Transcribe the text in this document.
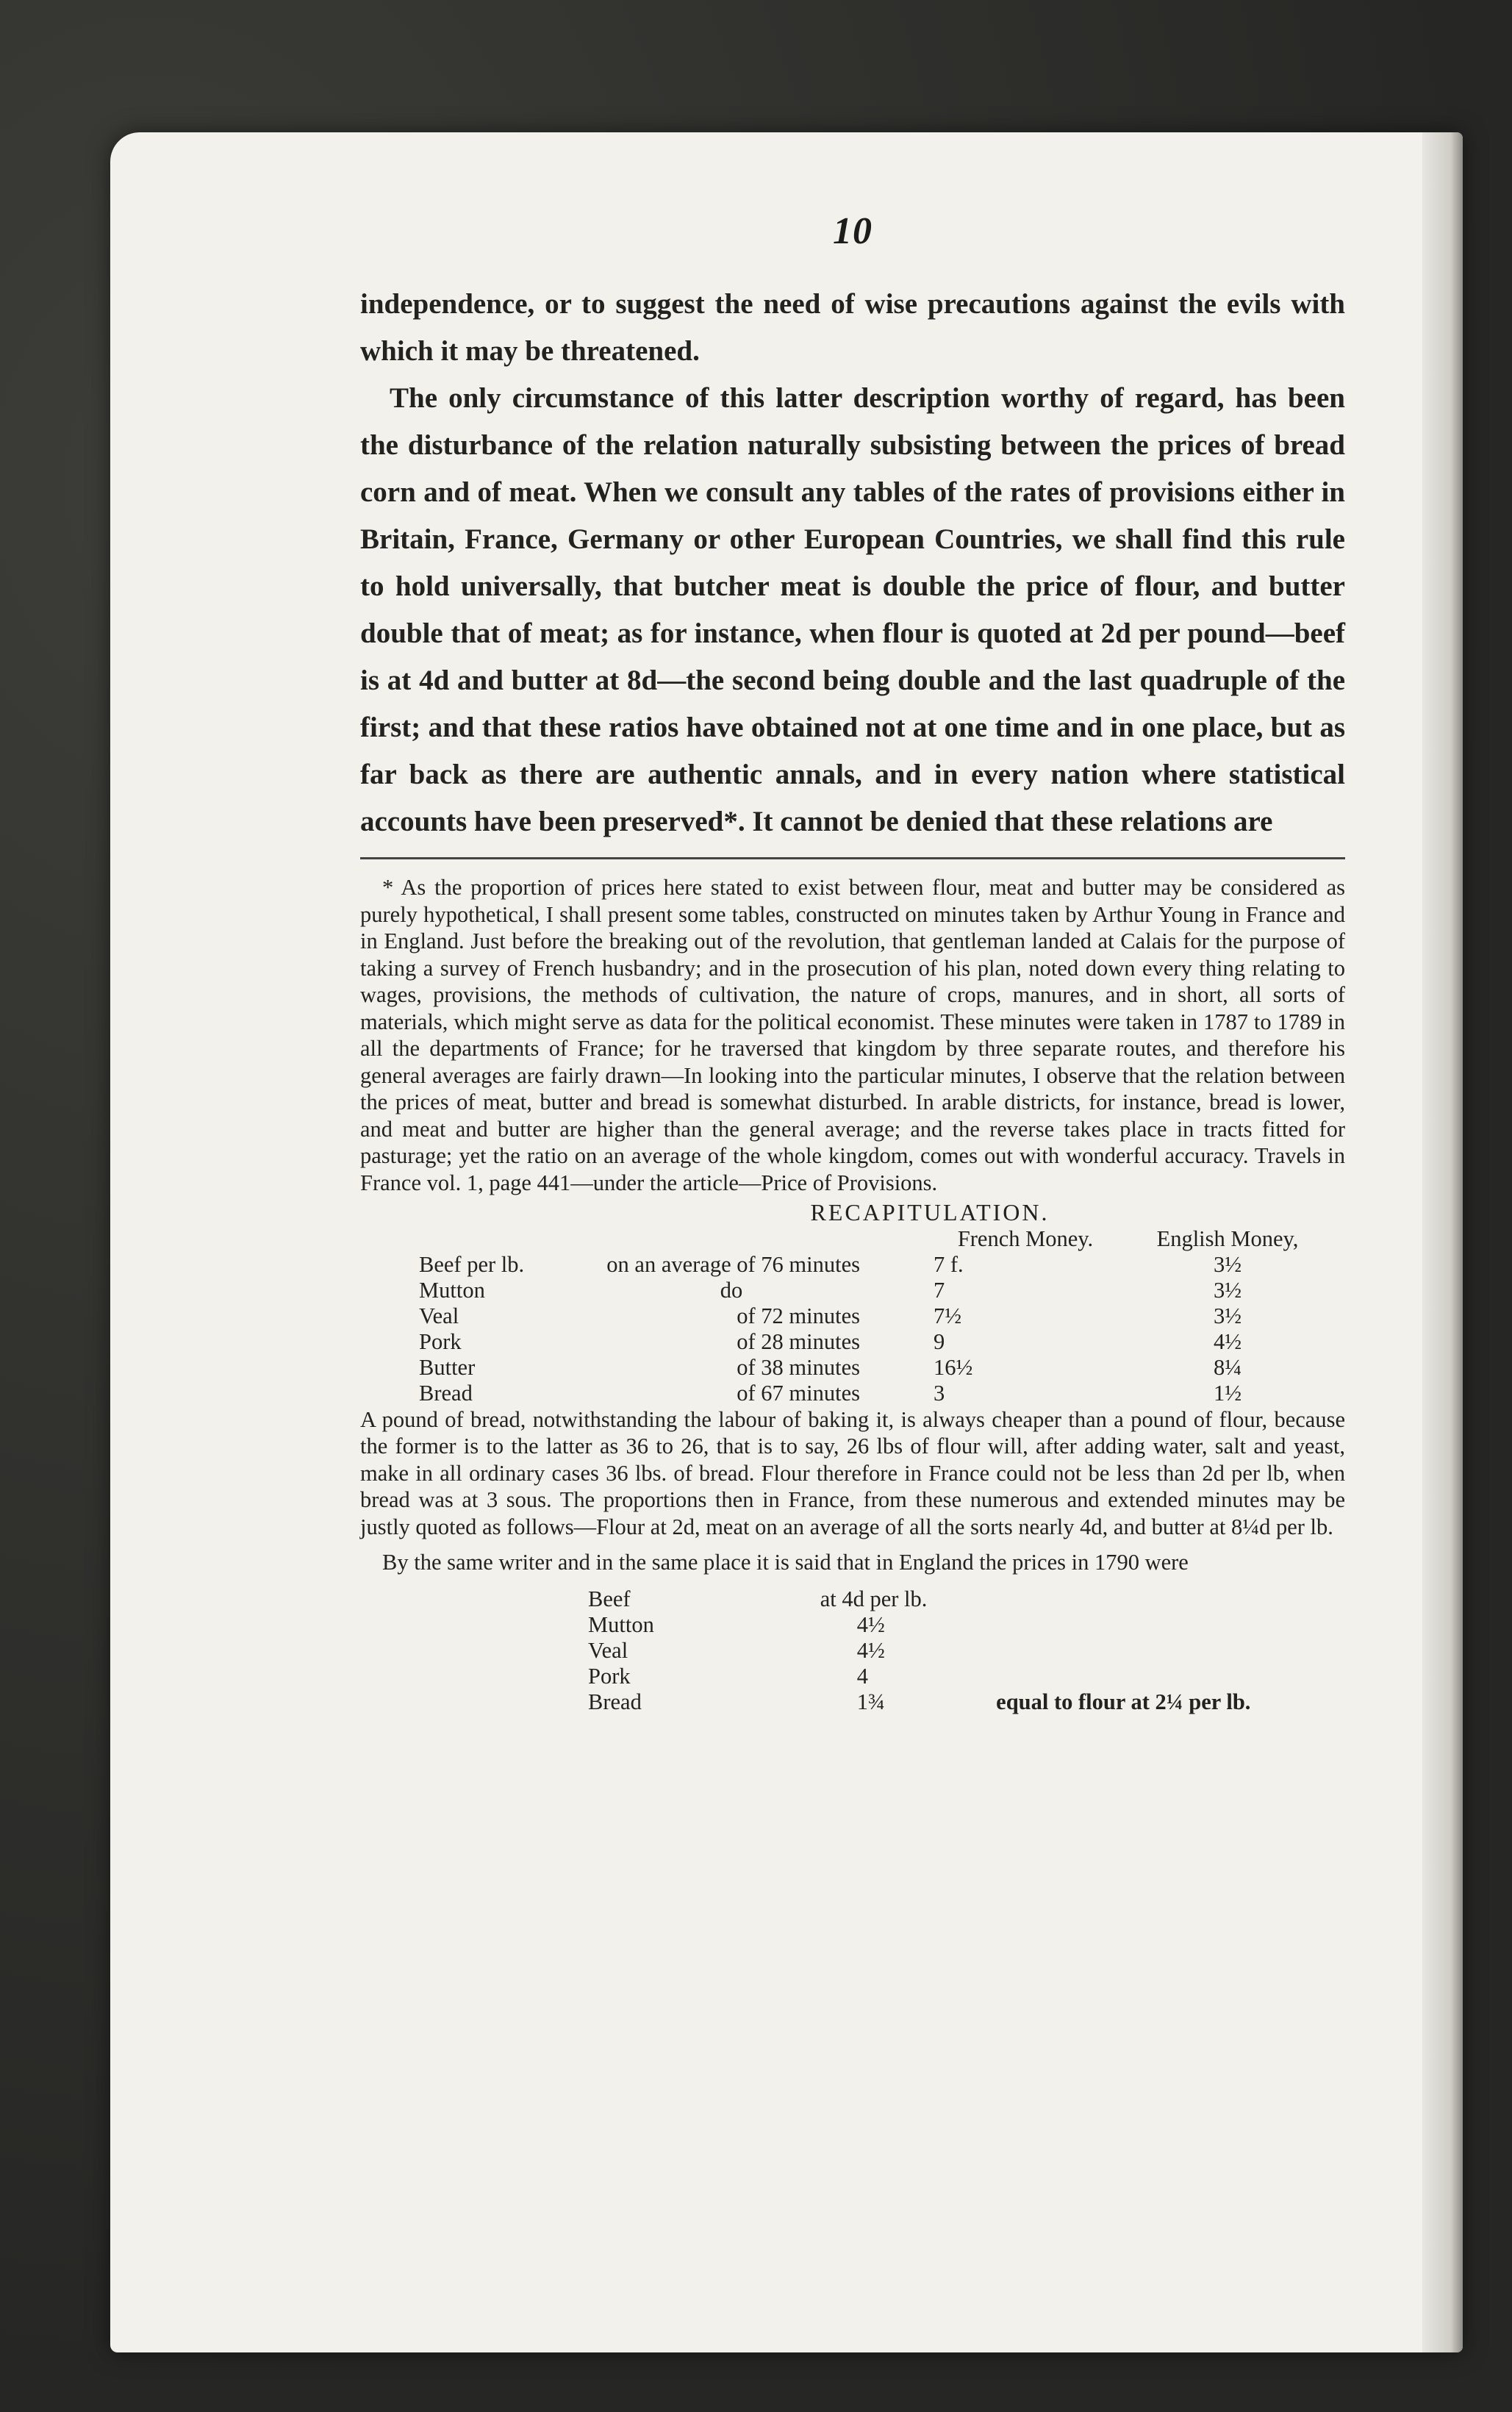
10

independence, or to suggest the need of wise precautions against the evils with which it may be threatened.

The only circumstance of this latter description worthy of regard, has been the disturbance of the relation naturally subsisting between the prices of bread corn and of meat. When we consult any tables of the rates of provisions either in Britain, France, Germany or other European Countries, we shall find this rule to hold universally, that butcher meat is double the price of flour, and butter double that of meat; as for instance, when flour is quoted at 2d per pound—beef is at 4d and butter at 8d—the second being double and the last quadruple of the first; and that these ratios have obtained not at one time and in one place, but as far back as there are authentic annals, and in every nation where statistical accounts have been preserved*. It cannot be denied that these relations are

* As the proportion of prices here stated to exist between flour, meat and butter may be considered as purely hypothetical, I shall present some tables, constructed on minutes taken by Arthur Young in France and in England. Just before the breaking out of the revolution, that gentleman landed at Calais for the purpose of taking a survey of French husbandry; and in the prosecution of his plan, noted down every thing relating to wages, provisions, the methods of cultivation, the nature of crops, manures, and in short, all sorts of materials, which might serve as data for the political economist. These minutes were taken in 1787 to 1789 in all the departments of France; for he traversed that kingdom by three separate routes, and therefore his general averages are fairly drawn—In looking into the particular minutes, I observe that the relation between the prices of meat, butter and bread is somewhat disturbed. In arable districts, for instance, bread is lower, and meat and butter are higher than the general average; and the reverse takes place in tracts fitted for pasturage; yet the ratio on an average of the whole kingdom, comes out with wonderful accuracy. Travels in France vol. 1, page 441—under the article—Price of Provisions.

RECAPITULATION.
		French Money.	English Money,
Beef per lb.	on an average of 76 minutes	7 f.	3½
Mutton	do	7	3½
Veal	of 72 minutes	7½	3½
Pork	of 28 minutes	9	4½
Butter	of 38 minutes	16½	8¼
Bread	of 67 minutes	3	1½

A pound of bread, notwithstanding the labour of baking it, is always cheaper than a pound of flour, because the former is to the latter as 36 to 26, that is to say, 26 lbs of flour will, after adding water, salt and yeast, make in all ordinary cases 36 lbs. of bread. Flour therefore in France could not be less than 2d per lb, when bread was at 3 sous. The proportions then in France, from these numerous and extended minutes may be justly quoted as follows—Flour at 2d, meat on an average of all the sorts nearly 4d, and butter at 8¼d per lb.

By the same writer and in the same place it is said that in England the prices in 1790 were

Beef	at 4d per lb.	
Mutton	4½	
Veal	4½	
Pork	4	
Bread	1¾	equal to flour at 2¼ per lb.
